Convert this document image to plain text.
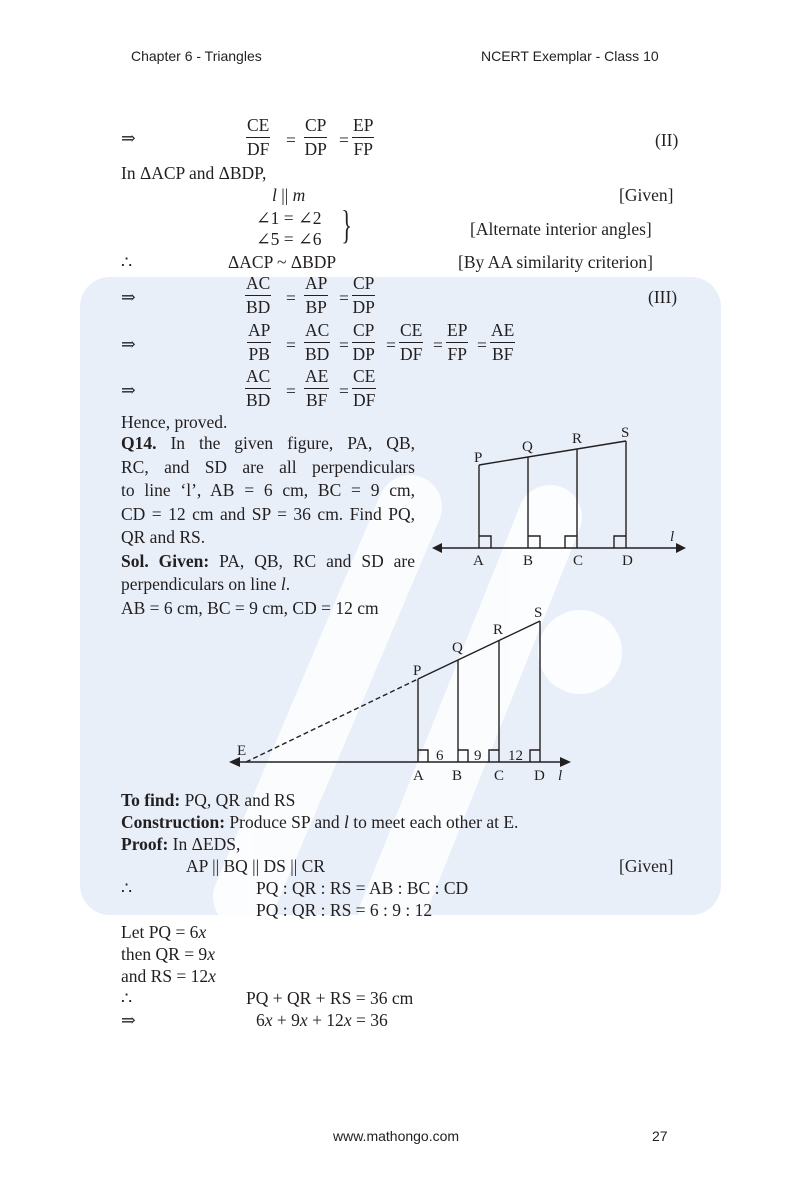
Chapter 6 - Triangles	NCERT Exemplar - Class 10
⇒	$\frac{CE}{DF} = \frac{CP}{DP} = \frac{EP}{FP}$	(II)
In ΔACP and ΔBDP,
l || m	[Given]
∠1 = ∠2
∠5 = ∠6 }	[Alternate interior angles]
∴	ΔACP ~ ΔBDP	[By AA similarity criterion]
⇒	$\frac{AC}{BD} = \frac{AP}{BP} = \frac{CP}{DP}$	(III)
⇒	$\frac{AP}{PB} = \frac{AC}{BD} = \frac{CP}{DP} = \frac{CE}{DF} = \frac{EP}{FP} = \frac{AE}{BF}$
⇒	$\frac{AC}{BD} = \frac{AE}{BF} = \frac{CE}{DF}$
Hence, proved.
Q14. In the given figure, PA, QB,
RC, and SD are all perpendiculars
to line ‘l’, AB = 6 cm, BC = 9 cm,
CD = 12 cm and SP = 36 cm. Find PQ,
QR and RS.
Sol. Given: PA, QB, RC and SD are
perpendiculars on line l.
AB = 6 cm, BC = 9 cm, CD = 12 cm
P
Q	R	S
A	B	C	D
l
E
P
Q
R
S
A B C D l
6 9 12
To find: PQ, QR and RS
Construction: Produce SP and l to meet each other at E.
Proof: In ΔEDS,
AP || BQ || DS || CR	[Given]
∴	PQ : QR : RS = AB : BC : CD
PQ : QR : RS = 6 : 9 : 12
Let PQ = 6x
then QR = 9x
and RS = 12x
∴	PQ + QR + RS = 36 cm
⇒	6x + 9x + 12x = 36
www.mathongo.com	27
